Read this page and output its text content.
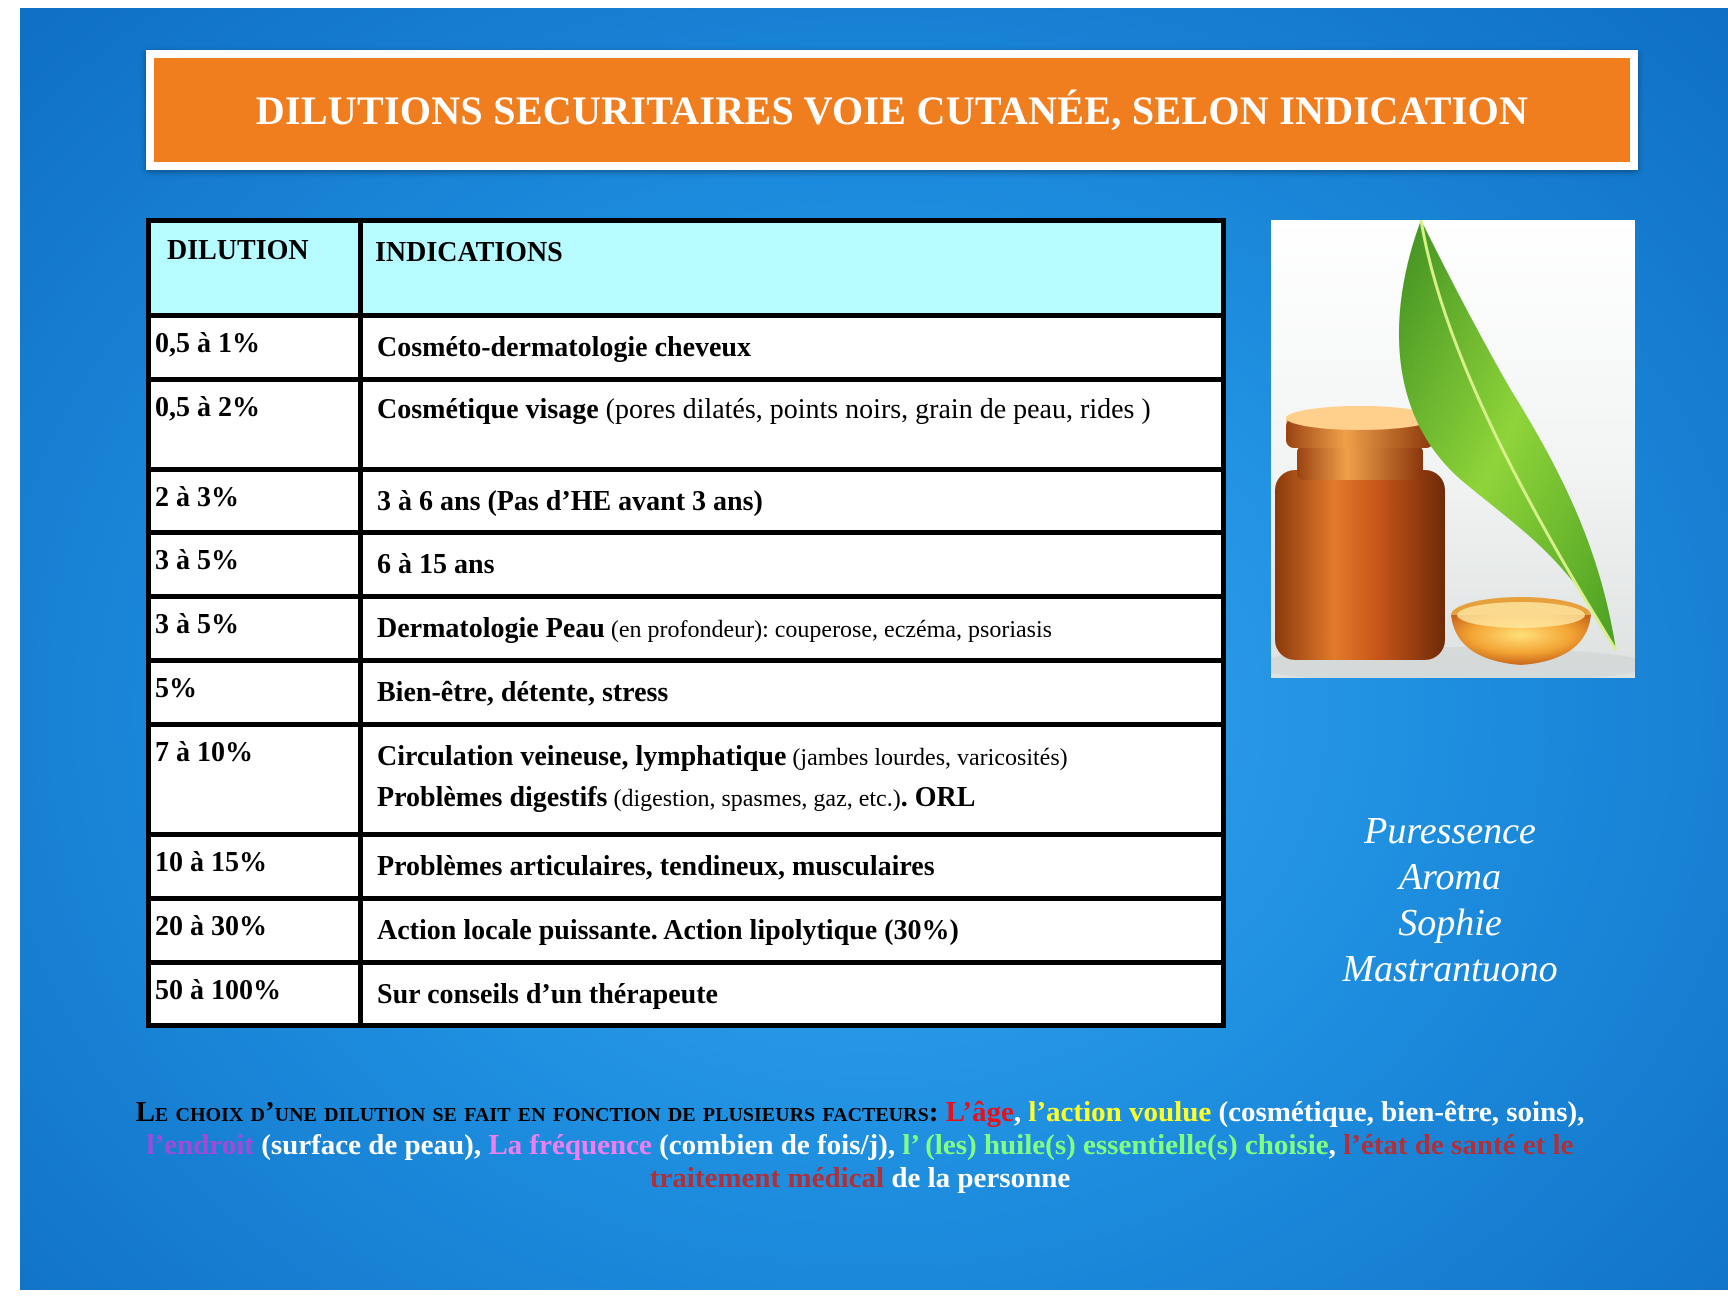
DILUTIONS SECURITAIRES VOIE CUTANÉE, SELON INDICATION
DILUTION	INDICATIONS
0,5 à 1%	Cosméto-dermatologie cheveux
0,5 à 2%	Cosmétique visage (pores dilatés, points noirs, grain de peau, rides )
2 à 3%	3 à 6 ans (Pas d’HE avant 3 ans)
3 à 5%	6 à 15 ans
3 à 5%	Dermatologie Peau (en profondeur): couperose, eczéma, psoriasis
5%	Bien-être, détente, stress
7 à 10%	Circulation veineuse, lymphatique (jambes lourdes, varicosités)
Problèmes digestifs (digestion, spasmes, gaz, etc.). ORL

10 à 15%	Problèmes articulaires, tendineux, musculaires
20 à 30%	Action locale puissante. Action lipolytique (30%)
50 à 100%	Sur conseils d’un thérapeute
Puressence
Aroma
Sophie
Mastrantuono
Le choix d’une dilution se fait en fonction de plusieurs facteurs: L’âge, l’action voulue (cosmétique, bien-être, soins), l’endroit (surface de peau), La fréquence (combien de fois/j), l’ (les) huile(s) essentielle(s) choisie, l’état de santé et le traitement médical de la personne
